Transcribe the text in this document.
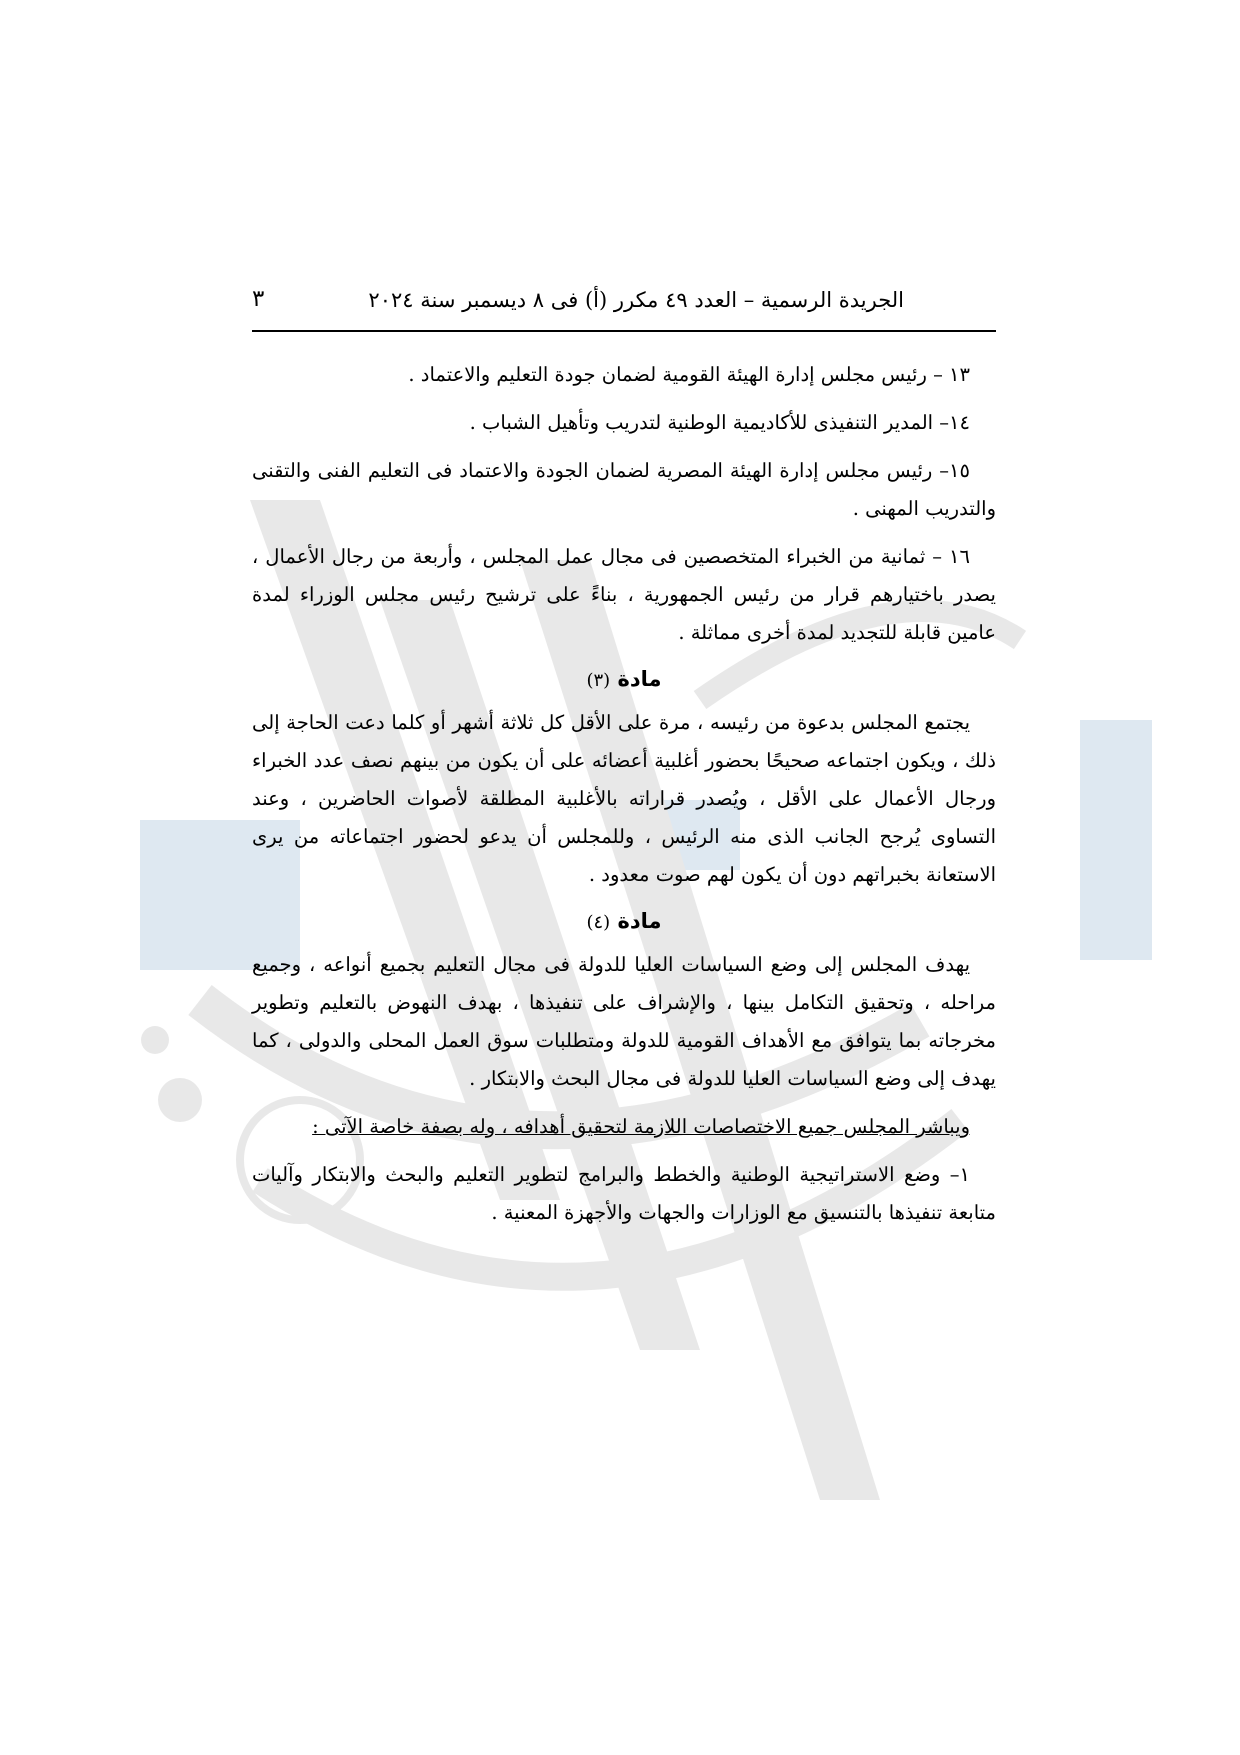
الجريدة الرسمية – العدد ٤٩ مكرر (أ) فى ٨ ديسمبر سنة ٢٠٢٤
٣

١٣ – رئيس مجلس إدارة الهيئة القومية لضمان جودة التعليم والاعتماد .

١٤– المدير التنفيذى للأكاديمية الوطنية لتدريب وتأهيل الشباب .

١٥– رئيس مجلس إدارة الهيئة المصرية لضمان الجودة والاعتماد فى التعليم الفنى والتقنى والتدريب المهنى .

١٦ – ثمانية من الخبراء المتخصصين فى مجال عمل المجلس ، وأربعة من رجال الأعمال ، يصدر باختيارهم قرار من رئيس الجمهورية ، بناءً على ترشيح رئيس مجلس الوزراء لمدة عامين قابلة للتجديد لمدة أخرى مماثلة .

مادة (٣)

يجتمع المجلس بدعوة من رئيسه ، مرة على الأقل كل ثلاثة أشهر أو كلما دعت الحاجة إلى ذلك ، ويكون اجتماعه صحيحًا بحضور أغلبية أعضائه على أن يكون من بينهم نصف عدد الخبراء ورجال الأعمال على الأقل ، ويُصدر قراراته بالأغلبية المطلقة لأصوات الحاضرين ، وعند التساوى يُرجح الجانب الذى منه الرئيس ، وللمجلس أن يدعو لحضور اجتماعاته من يرى الاستعانة بخبراتهم دون أن يكون لهم صوت معدود .

مادة (٤)

يهدف المجلس إلى وضع السياسات العليا للدولة فى مجال التعليم بجميع أنواعه ، وجميع مراحله ، وتحقيق التكامل بينها ، والإشراف على تنفيذها ، بهدف النهوض بالتعليم وتطوير مخرجاته بما يتوافق مع الأهداف القومية للدولة ومتطلبات سوق العمل المحلى والدولى ، كما يهدف إلى وضع السياسات العليا للدولة فى مجال البحث والابتكار .

ويباشر المجلس جميع الاختصاصات اللازمة لتحقيق أهدافه ، وله بصفة خاصة الآتى :

١– وضع الاستراتيجية الوطنية والخطط والبرامج لتطوير التعليم والبحث والابتكار وآليات متابعة تنفيذها بالتنسيق مع الوزارات والجهات والأجهزة المعنية .
